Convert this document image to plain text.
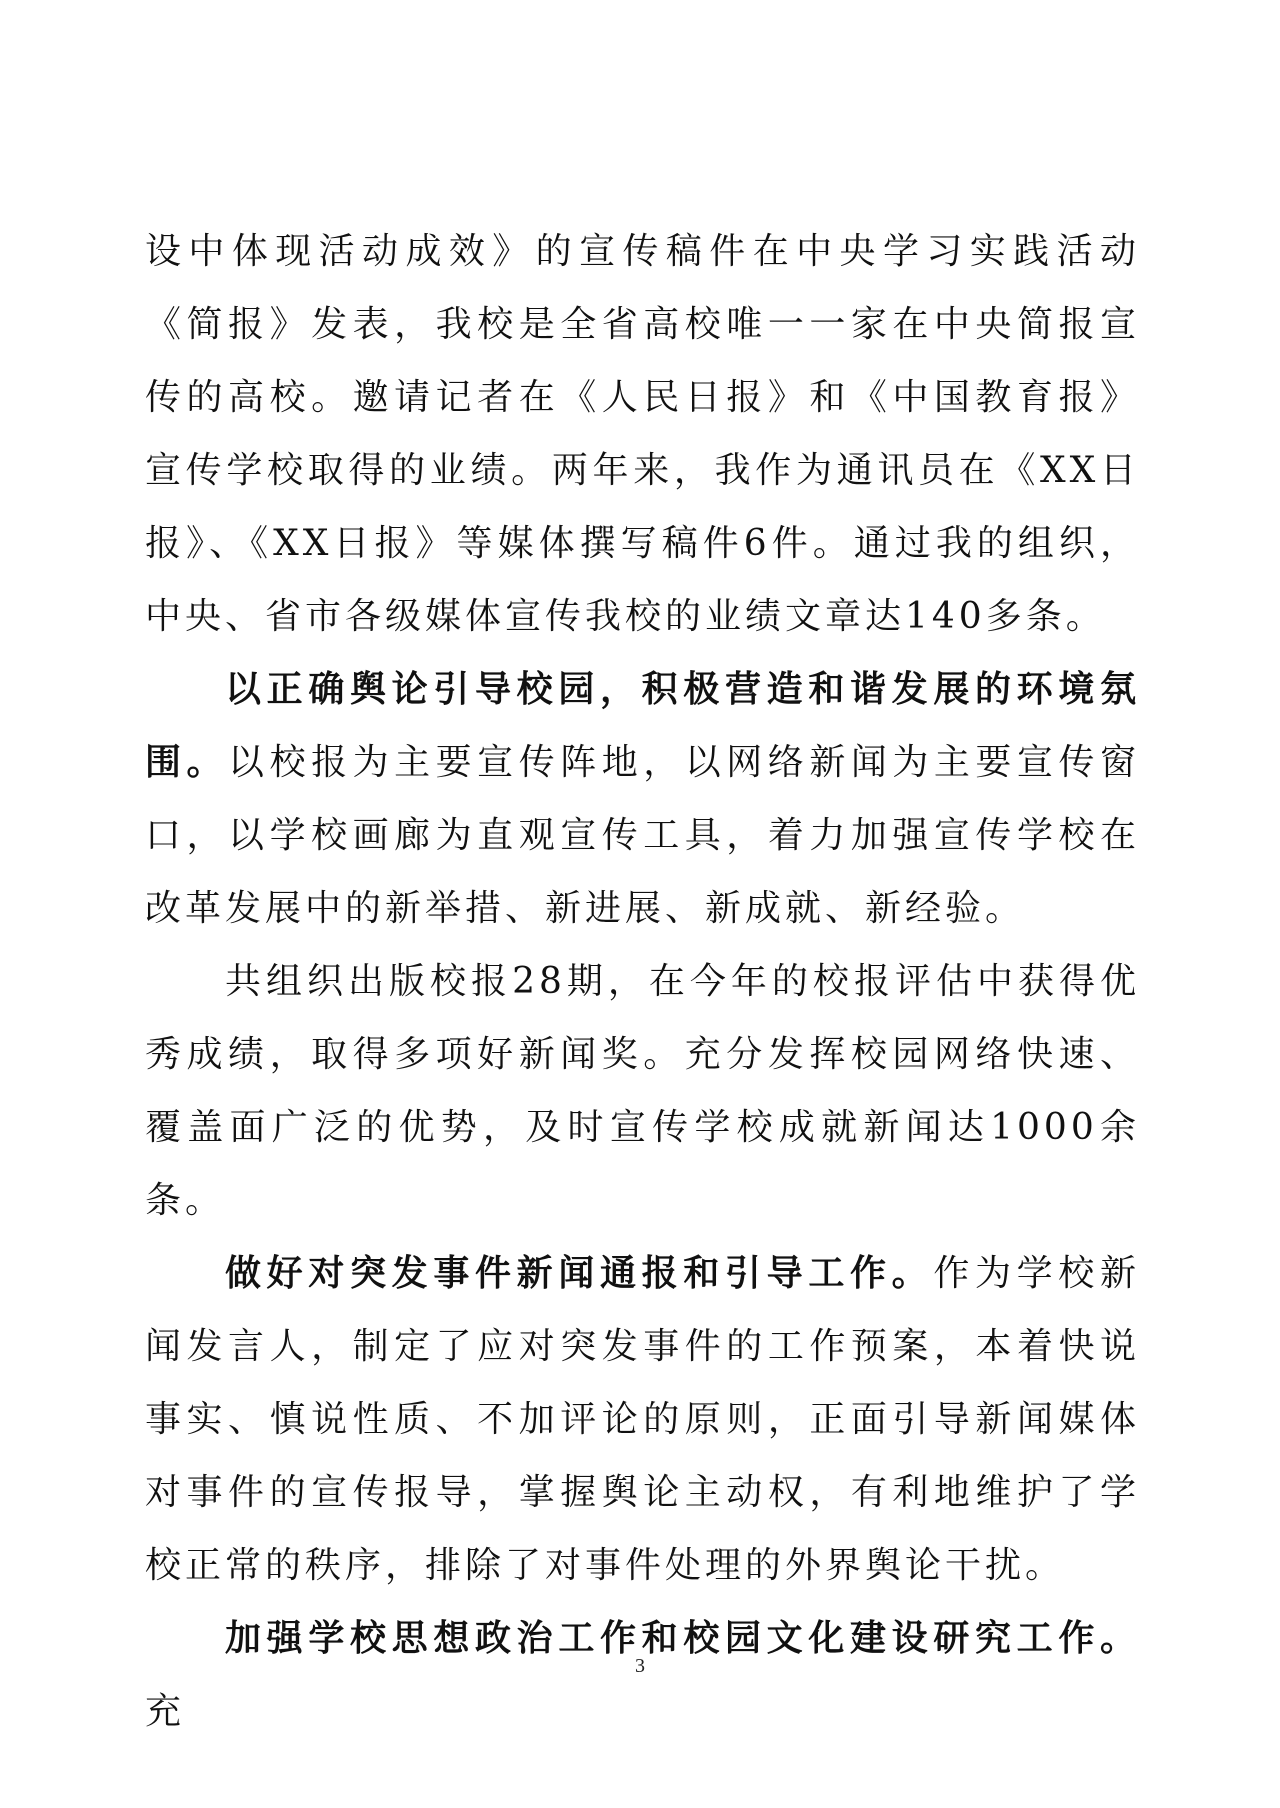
设中体现活动成效》的宣传稿件在中央学习实践活动《简报》发表，我校是全省高校唯一一家在中央简报宣传的高校。邀请记者在《人民日报》和《中国教育报》宣传学校取得的业绩。两年来，我作为通讯员在《XX日报》、《XX日报》等媒体撰写稿件6件。通过我的组织，中央、省市各级媒体宣传我校的业绩文章达140多条。

以正确舆论引导校园，积极营造和谐发展的环境氛围。以校报为主要宣传阵地，以网络新闻为主要宣传窗口，以学校画廊为直观宣传工具，着力加强宣传学校在改革发展中的新举措、新进展、新成就、新经验。

共组织出版校报28期，在今年的校报评估中获得优秀成绩，取得多项好新闻奖。充分发挥校园网络快速、覆盖面广泛的优势，及时宣传学校成就新闻达1000余条。

做好对突发事件新闻通报和引导工作。作为学校新闻发言人，制定了应对突发事件的工作预案，本着快说事实、慎说性质、不加评论的原则，正面引导新闻媒体对事件的宣传报导，掌握舆论主动权，有利地维护了学校正常的秩序，排除了对事件处理的外界舆论干扰。

加强学校思想政治工作和校园文化建设研究工作。充

3
